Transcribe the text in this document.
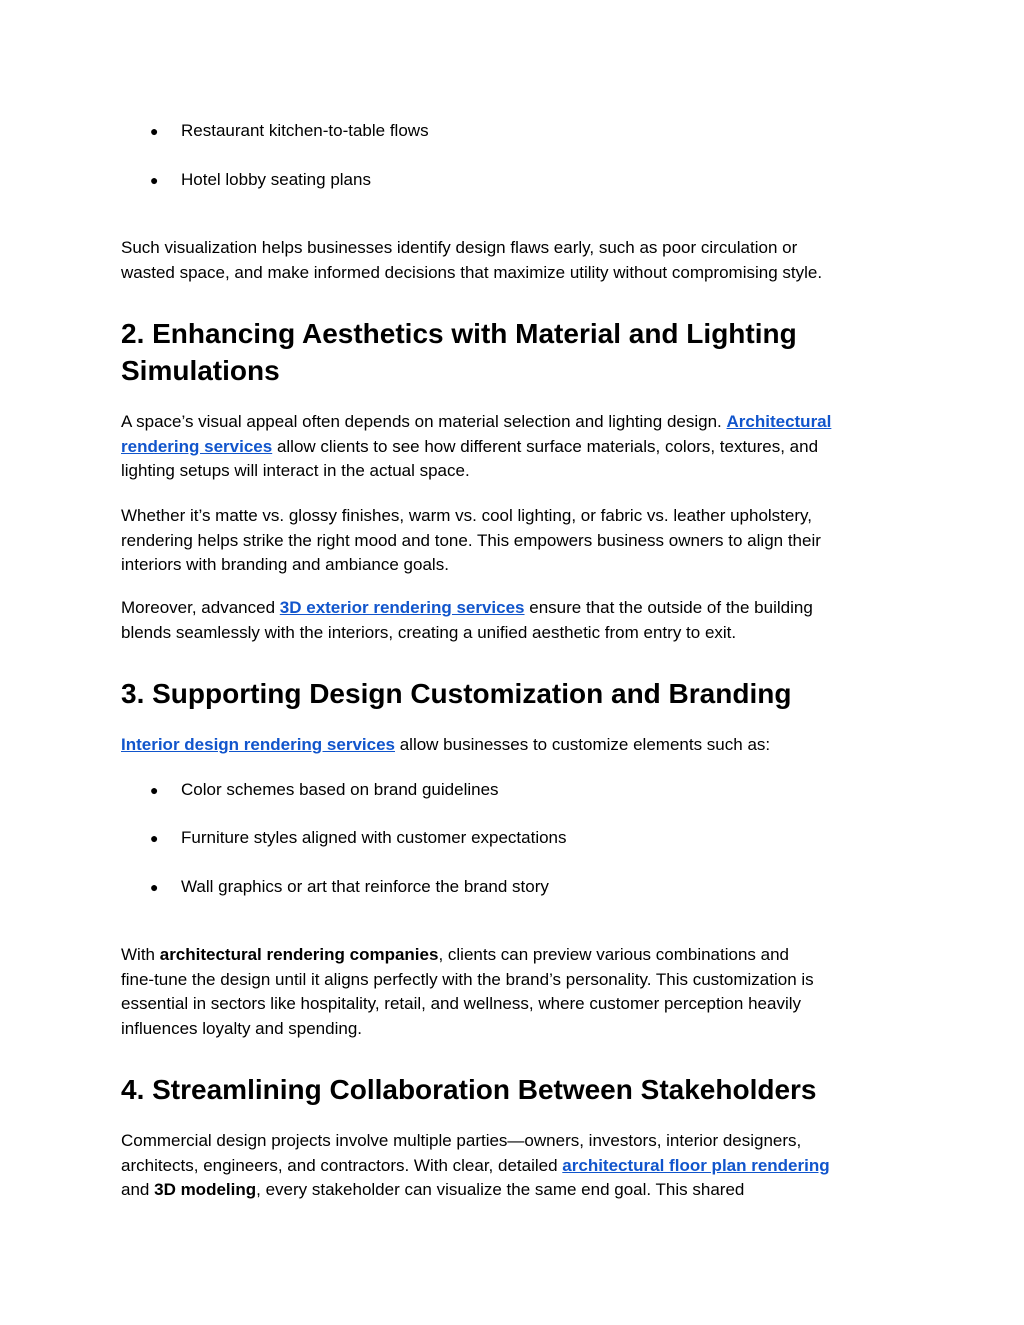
● Restaurant kitchen-to-table flows
● Hotel lobby seating plans
Such visualization helps businesses identify design flaws early, such as poor circulation or
wasted space, and make informed decisions that maximize utility without compromising style.
2. Enhancing Aesthetics with Material and Lighting
Simulations
A space’s visual appeal often depends on material selection and lighting design. Architectural
rendering services allow clients to see how different surface materials, colors, textures, and
lighting setups will interact in the actual space.
Whether it’s matte vs. glossy finishes, warm vs. cool lighting, or fabric vs. leather upholstery,
rendering helps strike the right mood and tone. This empowers business owners to align their
interiors with branding and ambiance goals.
Moreover, advanced 3D exterior rendering services ensure that the outside of the building
blends seamlessly with the interiors, creating a unified aesthetic from entry to exit.
3. Supporting Design Customization and Branding
Interior design rendering services allow businesses to customize elements such as:
● Color schemes based on brand guidelines
● Furniture styles aligned with customer expectations
● Wall graphics or art that reinforce the brand story
With architectural rendering companies, clients can preview various combinations and
fine-tune the design until it aligns perfectly with the brand’s personality. This customization is
essential in sectors like hospitality, retail, and wellness, where customer perception heavily
influences loyalty and spending.
4. Streamlining Collaboration Between Stakeholders
Commercial design projects involve multiple parties—owners, investors, interior designers,
architects, engineers, and contractors. With clear, detailed architectural floor plan rendering
and 3D modeling, every stakeholder can visualize the same end goal. This shared
